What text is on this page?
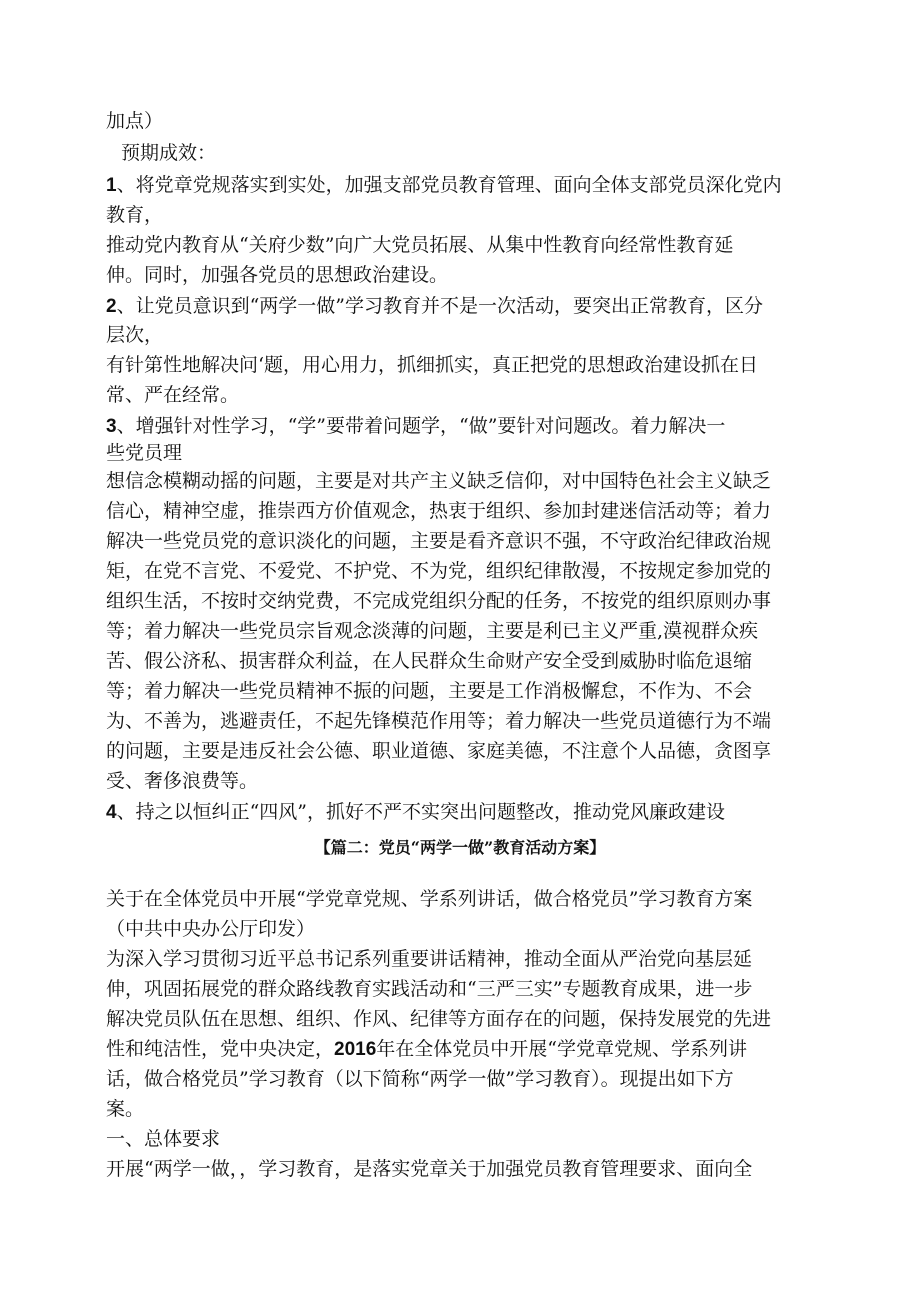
加点）
预期成效：
1、将党章党规落实到实处，加强支部党员教育管理、面向全体支部党员深化党内
教育，
推动党内教育从“关府少数”向广大党员拓展、从集中性教育向经常性教育延
伸。同时，加强各党员的思想政治建设。
2、让党员意识到“两学一做”学习教育并不是一次活动，要突出正常教育，区分
层次，
有针第性地解决问‘题，用心用力，抓细抓实，真正把党的思想政治建设抓在日
常、严在经常。
3、增强针对性学习，“学”要带着问题学，“做”要针对问题改。着力解决一
些党员理
想信念模糊动摇的问题，主要是对共产主义缺乏信仰，对中国特色社会主义缺乏
信心，精神空虚，推崇西方价值观念，热衷于组织、参加封建迷信活动等；着力
解决一些党员党的意识淡化的问题，主要是看齐意识不强，不守政治纪律政治规
矩，在党不言党、不爱党、不护党、不为党，组织纪律散漫，不按规定参加党的
组织生活，不按时交纳党费，不完成党组织分配的任务，不按党的组织原则办事
等；着力解决一些党员宗旨观念淡薄的问题，主要是利已主义严重,漠视群众疾
苦、假公济私、损害群众利益，在人民群众生命财产安全受到威胁时临危退缩
等；着力解决一些党员精神不振的问题，主要是工作消极懈怠，不作为、不会
为、不善为，逃避责任，不起先锋模范作用等；着力解决一些党员道德行为不端
的问题，主要是违反社会公德、职业道德、家庭美德，不注意个人品德，贪图享
受、奢侈浪费等。
4、持之以恒纠正“四风”，抓好不严不实突出问题整改，推动党风廉政建设
【篇二：党员“两学一做”教育活动方案】
关于在全体党员中开展“学党章党规、学系列讲话，做合格党员”学习教育方案
（中共中央办公厅印发）
为深入学习贯彻习近平总书记系列重要讲话精神，推动全面从严治党向基层延
伸，巩固拓展党的群众路线教育实践活动和“三严三实”专题教育成果，进一步
解决党员队伍在思想、组织、作风、纪律等方面存在的问题，保持发展党的先进
性和纯洁性，党中央决定，2016年在全体党员中开展“学党章党规、学系列讲
话，做合格党员”学习教育（以下简称“两学一做”学习教育）。现提出如下方
案。
一、总体要求
开展“两学一做，，学习教育，是落实党章关于加强党员教育管理要求、面向全
